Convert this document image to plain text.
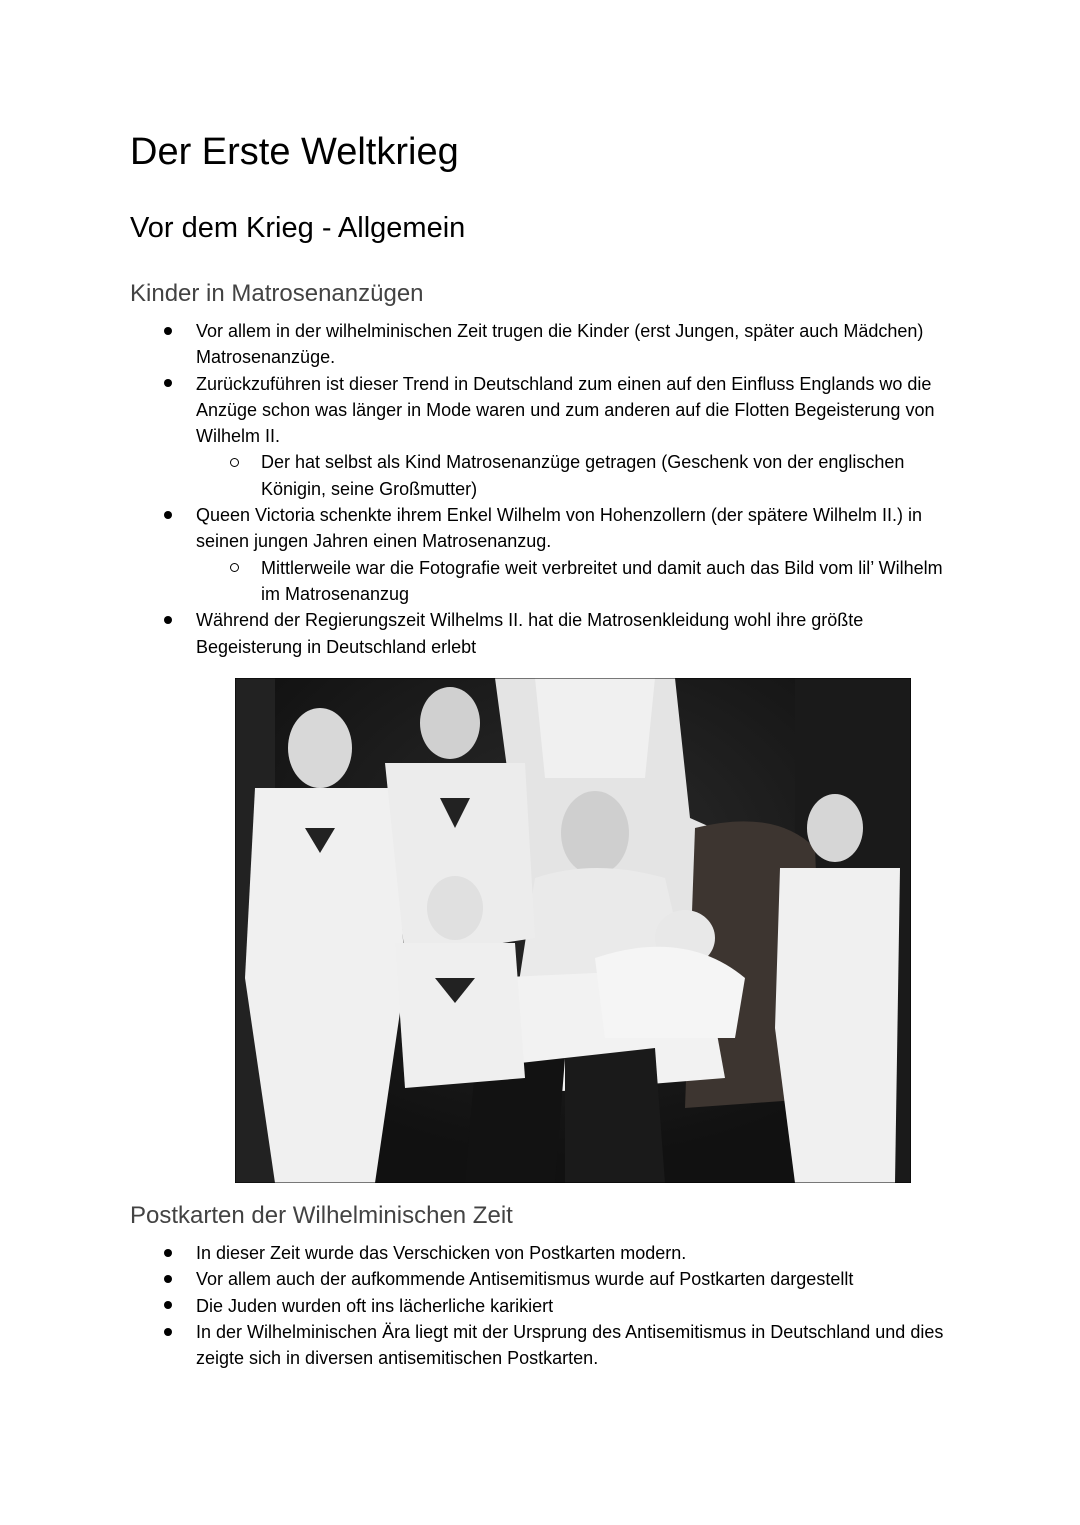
Der Erste Weltkrieg
Vor dem Krieg - Allgemein
Kinder in Matrosenanzügen
Vor allem in der wilhelminischen Zeit trugen die Kinder (erst Jungen, später auch Mädchen) Matrosenanzüge.
Zurückzuführen ist dieser Trend in Deutschland zum einen auf den Einfluss Englands wo die Anzüge schon was länger in Mode waren und zum anderen auf die Flotten Begeisterung von Wilhelm II.
Der hat selbst als Kind Matrosenanzüge getragen (Geschenk von der englischen Königin, seine Großmutter)
Queen Victoria schenkte ihrem Enkel Wilhelm von Hohenzollern (der spätere Wilhelm II.) in seinen jungen Jahren einen Matrosenanzug.
Mittlerweile war die Fotografie weit verbreitet und damit auch das Bild vom lil’ Wilhelm im Matrosenanzug
Während der Regierungszeit Wilhelms II. hat die Matrosenkleidung wohl ihre größte Begeisterung in Deutschland erlebt
Postkarten der Wilhelminischen Zeit
In dieser Zeit wurde das Verschicken von Postkarten modern.
Vor allem auch der aufkommende Antisemitismus wurde auf Postkarten dargestellt
Die Juden wurden oft ins lächerliche karikiert
In der Wilhelminischen Ära liegt mit der Ursprung des Antisemitismus in Deutschland und dies zeigte sich in diversen antisemitischen Postkarten.
